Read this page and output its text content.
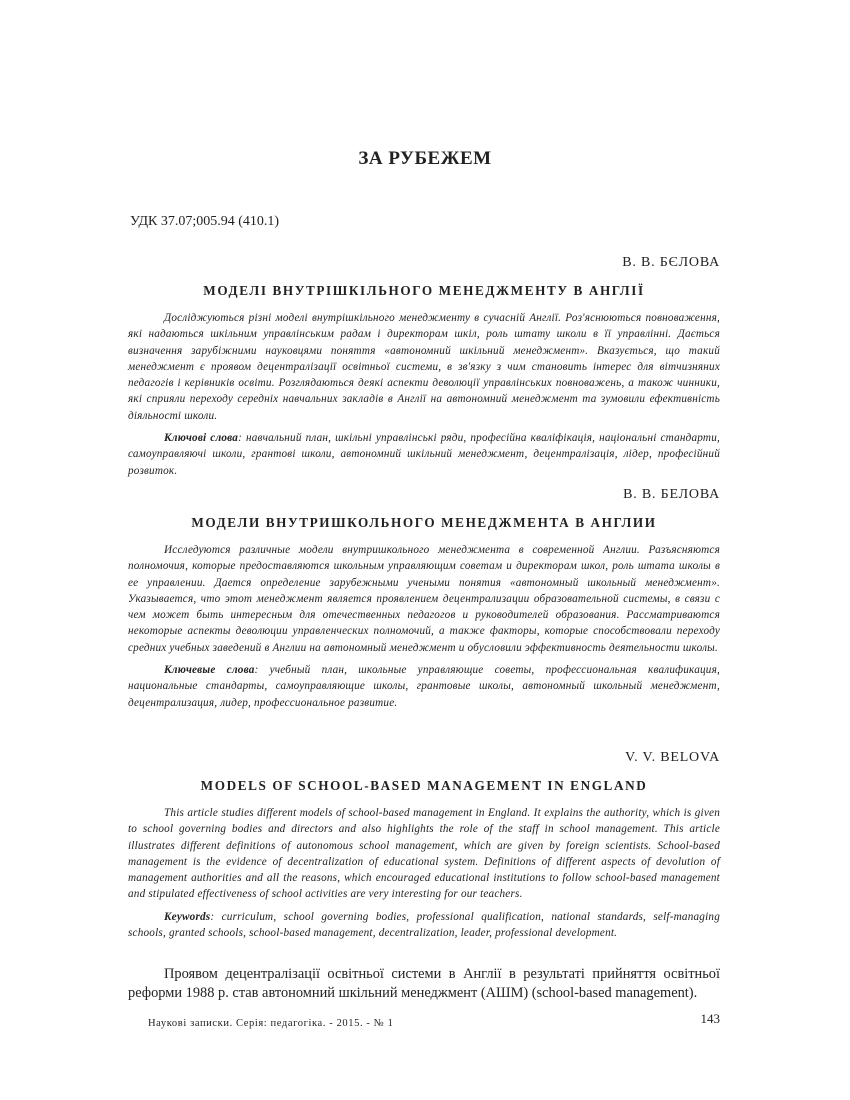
ЗА РУБЕЖЕМ
УДК 37.07;005.94 (410.1)
В. В. БЄЛОВА
МОДЕЛІ ВНУТРІШКІЛЬНОГО МЕНЕДЖМЕНТУ В АНГЛІЇ

Досліджуються різні моделі внутрішкільного менеджменту в сучасній Англії. Роз'яснюються повноваження, які надаються шкільним управлінським радам і директорам шкіл, роль штату школи в її управлінні. Дається визначення зарубіжними науковцями поняття «автономний шкільний менеджмент». Вказується, що такий менеджмент є проявом децентралізації освітньої системи, в зв'язку з чим становить інтерес для вітчизняних педагогів і керівників освіти. Розглядаються деякі аспекти деволюції управлінських повноважень, а також чинники, які сприяли переходу середніх навчальних закладів в Англії на автономний менеджмент та зумовили ефективність діяльності школи.

Ключові слова: навчальний план, шкільні управлінські ряди, професійна кваліфікація, національні стандарти, самоуправляючі школи, грантові школи, автономний шкільний менеджмент, децентралізація, лідер, професійний розвиток.

В. В. БЕЛОВА
МОДЕЛИ ВНУТРИШКОЛЬНОГО МЕНЕДЖМЕНТА В АНГЛИИ

Исследуются различные модели внутришкольного менеджмента в современной Англии. Разъясняются полномочия, которые предоставляются школьным управляющим советам и директорам школ, роль штата школы в ее управлении. Дается определение зарубежными учеными понятия «автономный школьный менеджмент». Указывается, что этот менеджмент является проявлением децентрализации образовательной системы, в связи с чем может быть интересным для отечественных педагогов и руководителей образования. Рассматриваются некоторые аспекты деволюции управленческих полномочий, а также факторы, которые способствовали переходу средних учебных заведений в Англии на автономный менеджмент и обусловили эффективность деятельности школы.

Ключевые слова: учебный план, школьные управляющие советы, профессиональная квалификация, национальные стандарты, самоуправляющие школы, грантовые школы, автономный школьный менеджмент, децентрализация, лидер, профессиональное развитие.

V. V. BELOVA
MODELS OF SCHOOL-BASED MANAGEMENT IN ENGLAND

This article studies different models of school-based management in England. It explains the authority, which is given to school governing bodies and directors and also highlights the role of the staff in school management. This article illustrates different definitions of autonomous school management, which are given by foreign scientists. School-based management is the evidence of decentralization of educational system. Definitions of different aspects of devolution of management authorities and all the reasons, which encouraged educational institutions to follow school-based management and stipulated effectiveness of school activities are very interesting for our teachers.

Keywords: curriculum, school governing bodies, professional qualification, national standards, self-managing schools, granted schools, school-based management, decentralization, leader, professional development.

Проявом децентралізації освітньої системи в Англії в результаті прийняття освітньої реформи 1988 р. став автономний шкільний менеджмент (АШМ) (school-based management).

Наукові записки. Серія: педагогіка. - 2015. - № 1	143
